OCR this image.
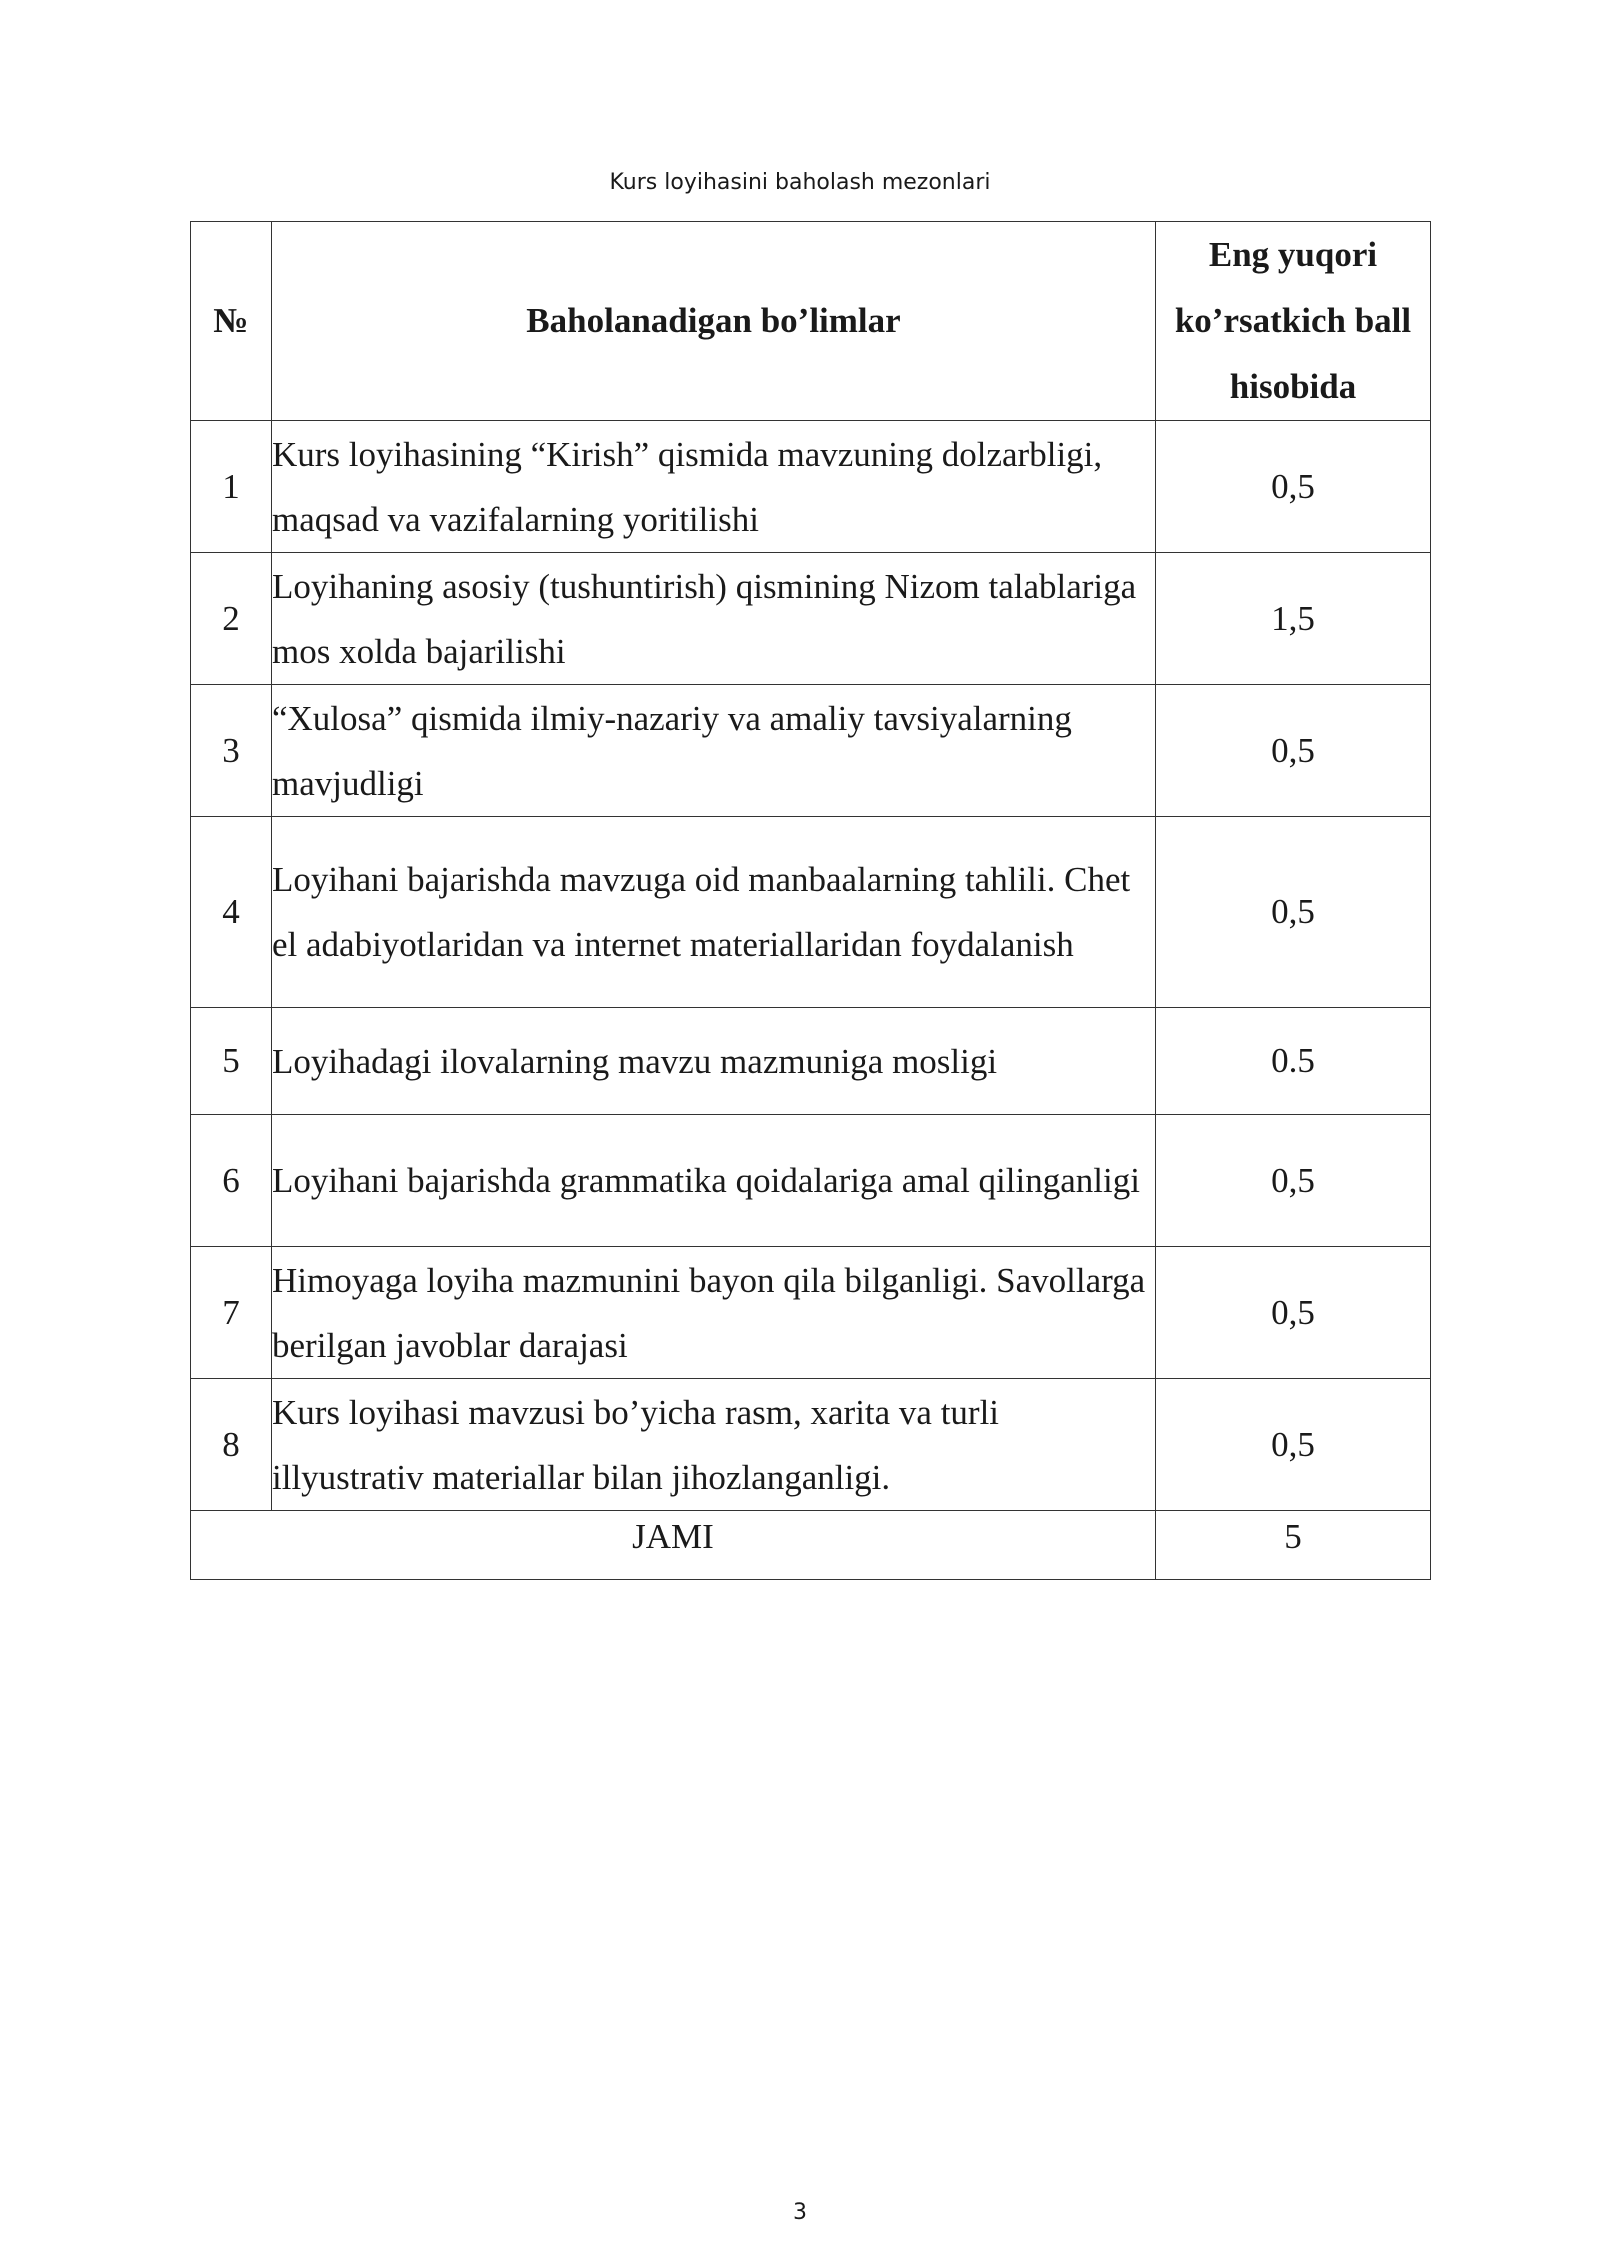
Kurs loyihasini baholash mezonlari
№	Baholanadigan bo’limlar	Eng yuqori ko’rsatkich ball hisobida
1	Kurs loyihasining “Kirish” qismida mavzuning dolzarbligi, maqsad va vazifalarning yoritilishi	0,5
2	Loyihaning asosiy (tushuntirish) qismining Nizom talablariga mos xolda bajarilishi	1,5
3	“Xulosa” qismida ilmiy-nazariy va amaliy tavsiyalarning mavjudligi	0,5
4	Loyihani bajarishda mavzuga oid manbaalarning tahlili. Chet el adabiyotlaridan va internet materiallaridan foydalanish	0,5
5	Loyihadagi ilovalarning mavzu mazmuniga mosligi	0.5
6	Loyihani bajarishda grammatika qoidalariga amal qilinganligi	0,5
7	Himoyaga loyiha mazmunini bayon qila bilganligi. Savollarga berilgan javoblar darajasi	0,5
8	Kurs loyihasi mavzusi bo’yicha rasm, xarita va turli illyustrativ materiallar bilan jihozlanganligi.	0,5
JAMI		5
3
